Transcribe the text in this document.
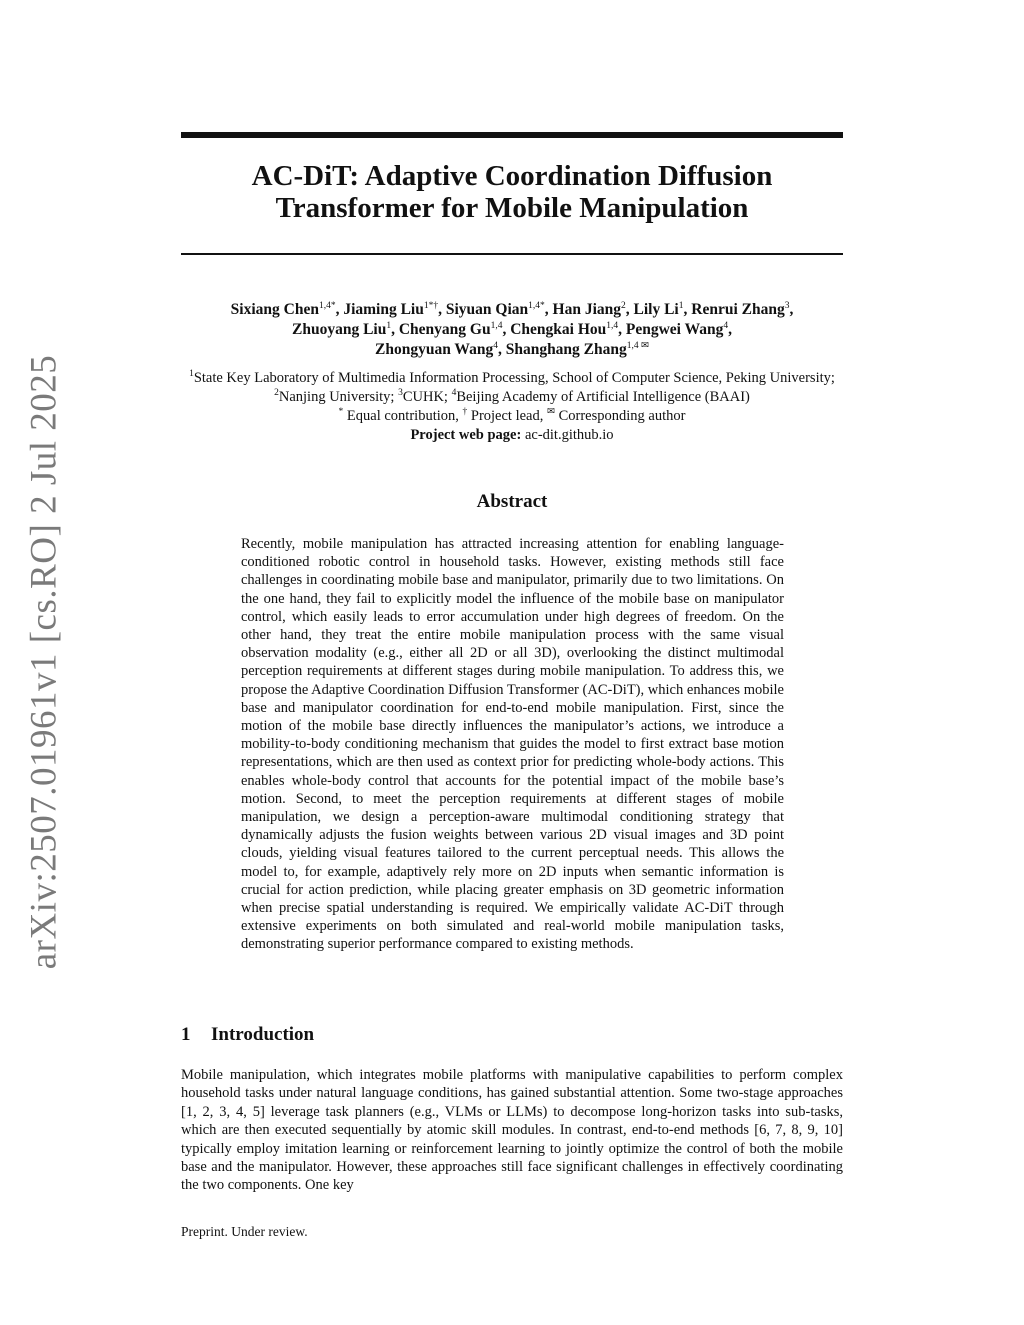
arXiv:2507.01961v1 [cs.RO] 2 Jul 2025
AC-DiT: Adaptive Coordination Diffusion
Transformer for Mobile Manipulation
Sixiang Chen$^{1,4*}$, Jiaming Liu$^{1*\dagger}$, Siyuan Qian$^{1,4*}$, Han Jiang$^2$, Lily Li$^1$, Renrui Zhang$^3$,
Zhuoyang Liu$^1$, Chenyang Gu$^{1,4}$, Chengkai Hou$^{1,4}$, Pengwei Wang$^4$,
Zhongyuan Wang$^4$, Shanghang Zhang$^{1,4 ✉}$
$^1$State Key Laboratory of Multimedia Information Processing, School of Computer Science, Peking University;
$^2$Nanjing University; $^3$CUHK; $^4$Beijing Academy of Artificial Intelligence (BAAI)
* Equal contribution, † Project lead, ✉ Corresponding author
Project web page: ac-dit.github.io
Abstract
Recently, mobile manipulation has attracted increasing attention for enabling language-conditioned robotic control in household tasks. However, existing methods still face challenges in coordinating mobile base and manipulator, primarily due to two limitations. On the one hand, they fail to explicitly model the influence of the mobile base on manipulator control, which easily leads to error accumulation under high degrees of freedom. On the other hand, they treat the entire mobile manipulation process with the same visual observation modality (e.g., either all 2D or all 3D), overlooking the distinct multimodal perception requirements at different stages during mobile manipulation. To address this, we propose the Adaptive Coordination Diffusion Transformer (AC-DiT), which enhances mobile base and manipulator coordination for end-to-end mobile manipulation. First, since the motion of the mobile base directly influences the manipulator’s actions, we introduce a mobility-to-body conditioning mechanism that guides the model to first extract base motion representations, which are then used as context prior for predicting whole-body actions. This enables whole-body control that accounts for the potential impact of the mobile base’s motion. Second, to meet the perception requirements at different stages of mobile manipulation, we design a perception-aware multimodal conditioning strategy that dynamically adjusts the fusion weights between various 2D visual images and 3D point clouds, yielding visual features tailored to the current perceptual needs. This allows the model to, for example, adaptively rely more on 2D inputs when semantic information is crucial for action prediction, while placing greater emphasis on 3D geometric information when precise spatial understanding is required. We empirically validate AC-DiT through extensive experiments on both simulated and real-world mobile manipulation tasks, demonstrating superior performance compared to existing methods.
1 Introduction
Mobile manipulation, which integrates mobile platforms with manipulative capabilities to perform complex household tasks under natural language conditions, has gained substantial attention. Some two-stage approaches [1, 2, 3, 4, 5] leverage task planners (e.g., VLMs or LLMs) to decompose long-horizon tasks into sub-tasks, which are then executed sequentially by atomic skill modules. In contrast, end-to-end methods [6, 7, 8, 9, 10] typically employ imitation learning or reinforcement learning to jointly optimize the control of both the mobile base and the manipulator. However, these approaches still face significant challenges in effectively coordinating the two components. One key
Preprint. Under review.
